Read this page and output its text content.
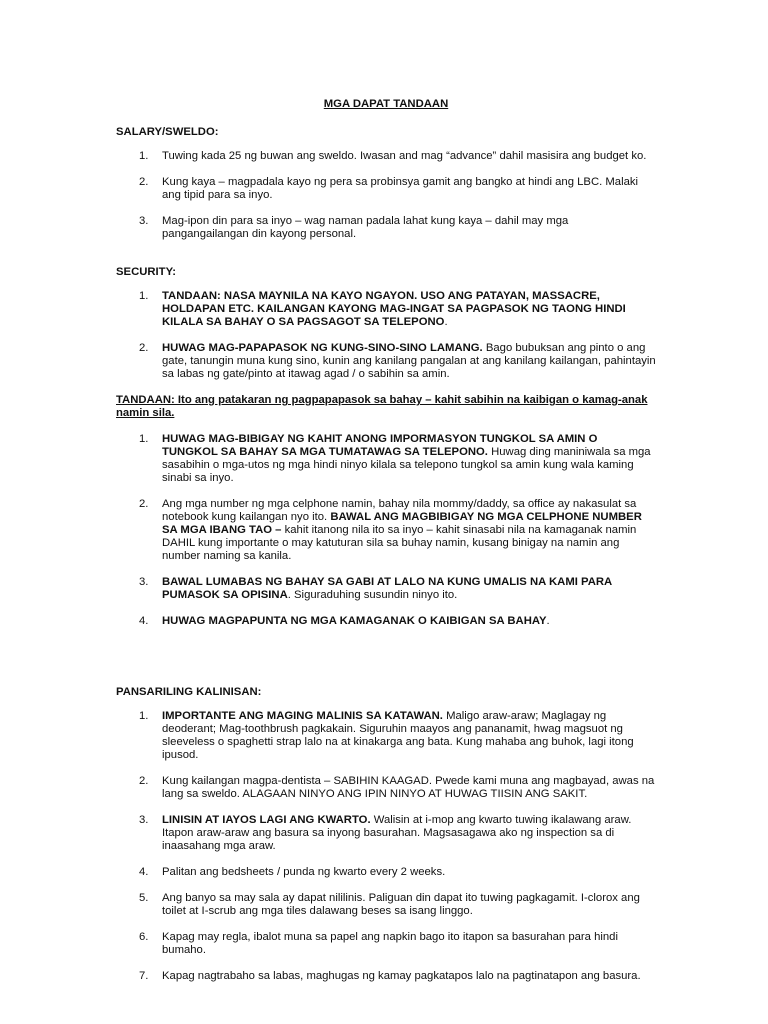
MGA DAPAT TANDAAN
SALARY/SWELDO:
1. Tuwing kada 25 ng buwan ang sweldo. Iwasan and mag “advance” dahil masisira ang budget ko.
2. Kung kaya – magpadala kayo ng pera sa probinsya gamit ang bangko at hindi ang LBC. Malaki ang tipid para sa inyo.
3. Mag-ipon din para sa inyo – wag naman padala lahat kung kaya – dahil may mga pangangailangan din kayong personal.
SECURITY:
1. TANDAAN: NASA MAYNILA NA KAYO NGAYON. USO ANG PATAYAN, MASSACRE, HOLDAPAN ETC. KAILANGAN KAYONG MAG-INGAT SA PAGPASOK NG TAONG HINDI KILALA SA BAHAY O SA PAGSAGOT SA TELEPONO.
2. HUWAG MAG-PAPAPASOK NG KUNG-SINO-SINO LAMANG. Bago bubuksan ang pinto o ang gate, tanungin muna kung sino, kunin ang kanilang pangalan at ang kanilang kailangan, pahintayin sa labas ng gate/pinto at itawag agad / o sabihin sa amin.
TANDAAN: Ito ang patakaran ng pagpapapasok sa bahay – kahit sabihin na kaibigan o kamag-anak namin sila.
1. HUWAG MAG-BIBIGAY NG KAHIT ANONG IMPORMASYON TUNGKOL SA AMIN O TUNGKOL SA BAHAY SA MGA TUMATAWAG SA TELEPONO. Huwag ding maniniwala sa mga sasabihin o mga-utos ng mga hindi ninyo kilala sa telepono tungkol sa amin kung wala kaming sinabi sa inyo.
2. Ang mga number ng mga celphone namin, bahay nila mommy/daddy, sa office ay nakasulat sa notebook kung kailangan nyo ito. BAWAL ANG MAGBIBIGAY NG MGA CELPHONE NUMBER SA MGA IBANG TAO – kahit itanong nila ito sa inyo – kahit sinasabi nila na kamaganak namin DAHIL kung importante o may katuturan sila sa buhay namin, kusang binigay na namin ang number naming sa kanila.
3. BAWAL LUMABAS NG BAHAY SA GABI AT LALO NA KUNG UMALIS NA KAMI PARA PUMASOK SA OPISINA. Siguraduhing susundin ninyo ito.
4. HUWAG MAGPAPUNTA NG MGA KAMAGANAK O KAIBIGAN SA BAHAY.
PANSARILING KALINISAN:
1. IMPORTANTE ANG MAGING MALINIS SA KATAWAN. Maligo araw-araw; Maglagay ng deoderant; Mag-toothbrush pagkakain. Siguruhin maayos ang pananamit, hwag magsuot ng sleeveless o spaghetti strap lalo na at kinakarga ang bata. Kung mahaba ang buhok, lagi itong ipusod.
2. Kung kailangan magpa-dentista – SABIHIN KAAGAD. Pwede kami muna ang magbayad, awas na lang sa sweldo. ALAGAAN NINYO ANG IPIN NINYO AT HUWAG TIISIN ANG SAKIT.
3. LINISIN AT IAYOS LAGI ANG KWARTO. Walisin at i-mop ang kwarto tuwing ikalawang araw. Itapon araw-araw ang basura sa inyong basurahan. Magsasagawa ako ng inspection sa di inaasahang mga araw.
4. Palitan ang bedsheets / punda ng kwarto every 2 weeks.
5. Ang banyo sa may sala ay dapat nililinis. Paliguan din dapat ito tuwing pagkagamit. I-clorox ang toilet at I-scrub ang mga tiles dalawang beses sa isang linggo.
6. Kapag may regla, ibalot muna sa papel ang napkin bago ito itapon sa basurahan para hindi bumaho.
7. Kapag nagtrabaho sa labas, maghugas ng kamay pagkatapos lalo na pagtinatapon ang basura.
